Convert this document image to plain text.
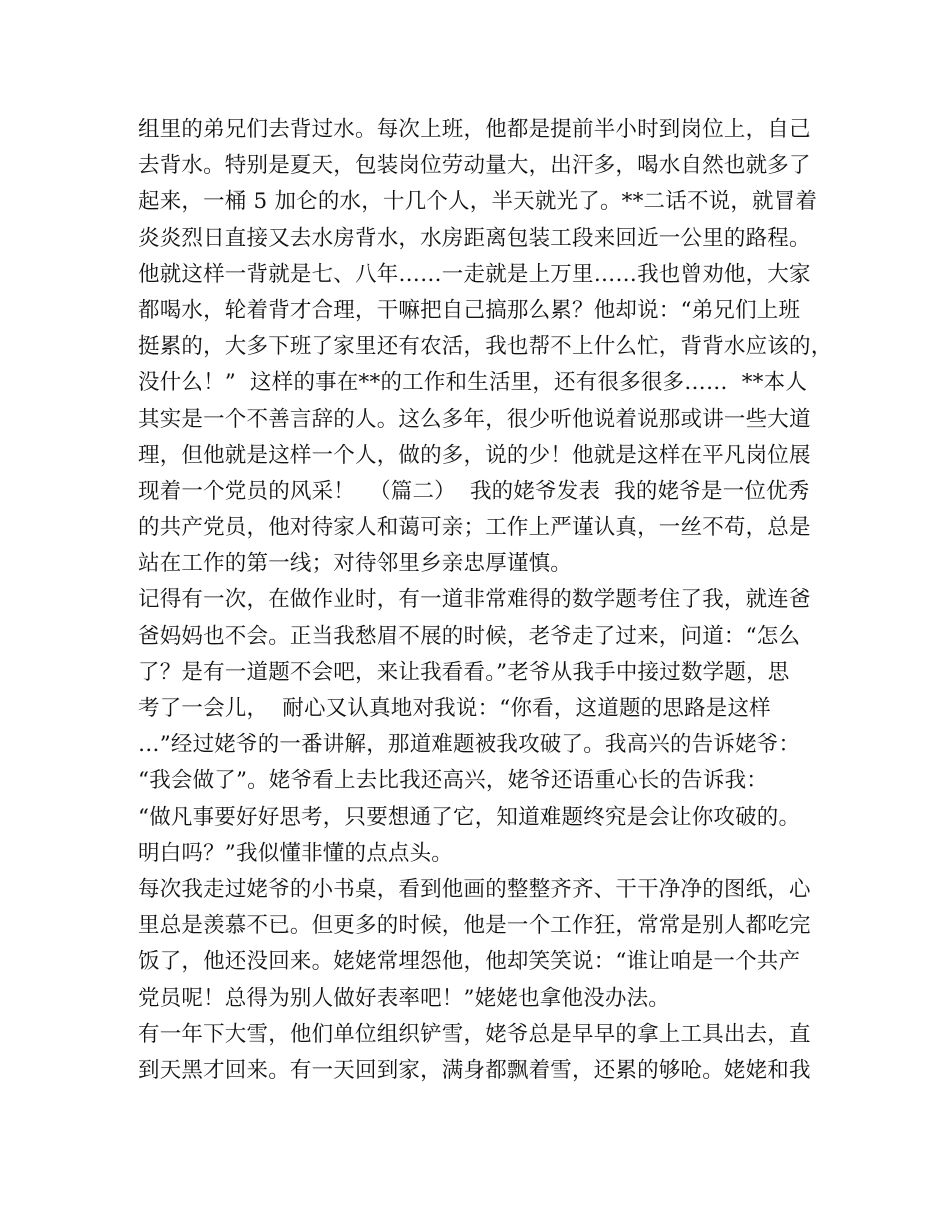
组里的弟兄们去背过水。每次上班，他都是提前半小时到岗位上，自己
去背水。特别是夏天，包装岗位劳动量大，出汗多，喝水自然也就多了
起来，一桶 5 加仑的水，十几个人，半天就光了。**二话不说，就冒着
炎炎烈日直接又去水房背水，水房距离包装工段来回近一公里的路程。
他就这样一背就是七、八年……一走就是上万里……我也曾劝他，大家
都喝水，轮着背才合理，干嘛把自己搞那么累？他却说：“弟兄们上班
挺累的，大多下班了家里还有农活，我也帮不上什么忙，背背水应该的，
没什么！”  这样的事在**的工作和生活里，还有很多很多……  **本人
其实是一个不善言辞的人。这么多年，很少听他说着说那或讲一些大道
理，但他就是这样一个人，做的多，说的少！他就是这样在平凡岗位展
现着一个党员的风采！  （篇二）  我的姥爷发表  我的姥爷是一位优秀
的共产党员，他对待家人和蔼可亲；工作上严谨认真，一丝不苟，总是
站在工作的第一线；对待邻里乡亲忠厚谨慎。
记得有一次，在做作业时，有一道非常难得的数学题考住了我，就连爸
爸妈妈也不会。正当我愁眉不展的时候，老爷走了过来，问道：“怎么
了？是有一道题不会吧，来让我看看。”老爷从我手中接过数学题，思
考了一会儿，  耐心又认真地对我说：“你看，这道题的思路是这样
…”经过姥爷的一番讲解，那道难题被我攻破了。我高兴的告诉姥爷：
“我会做了”。姥爷看上去比我还高兴，姥爷还语重心长的告诉我：
“做凡事要好好思考，只要想通了它，知道难题终究是会让你攻破的。
明白吗？”我似懂非懂的点点头。
每次我走过姥爷的小书桌，看到他画的整整齐齐、干干净净的图纸，心
里总是羡慕不已。但更多的时候，他是一个工作狂，常常是别人都吃完
饭了，他还没回来。姥姥常埋怨他，他却笑笑说：“谁让咱是一个共产
党员呢！总得为别人做好表率吧！”姥姥也拿他没办法。
有一年下大雪，他们单位组织铲雪，姥爷总是早早的拿上工具出去，直
到天黑才回来。有一天回到家，满身都飘着雪，还累的够呛。姥姥和我
